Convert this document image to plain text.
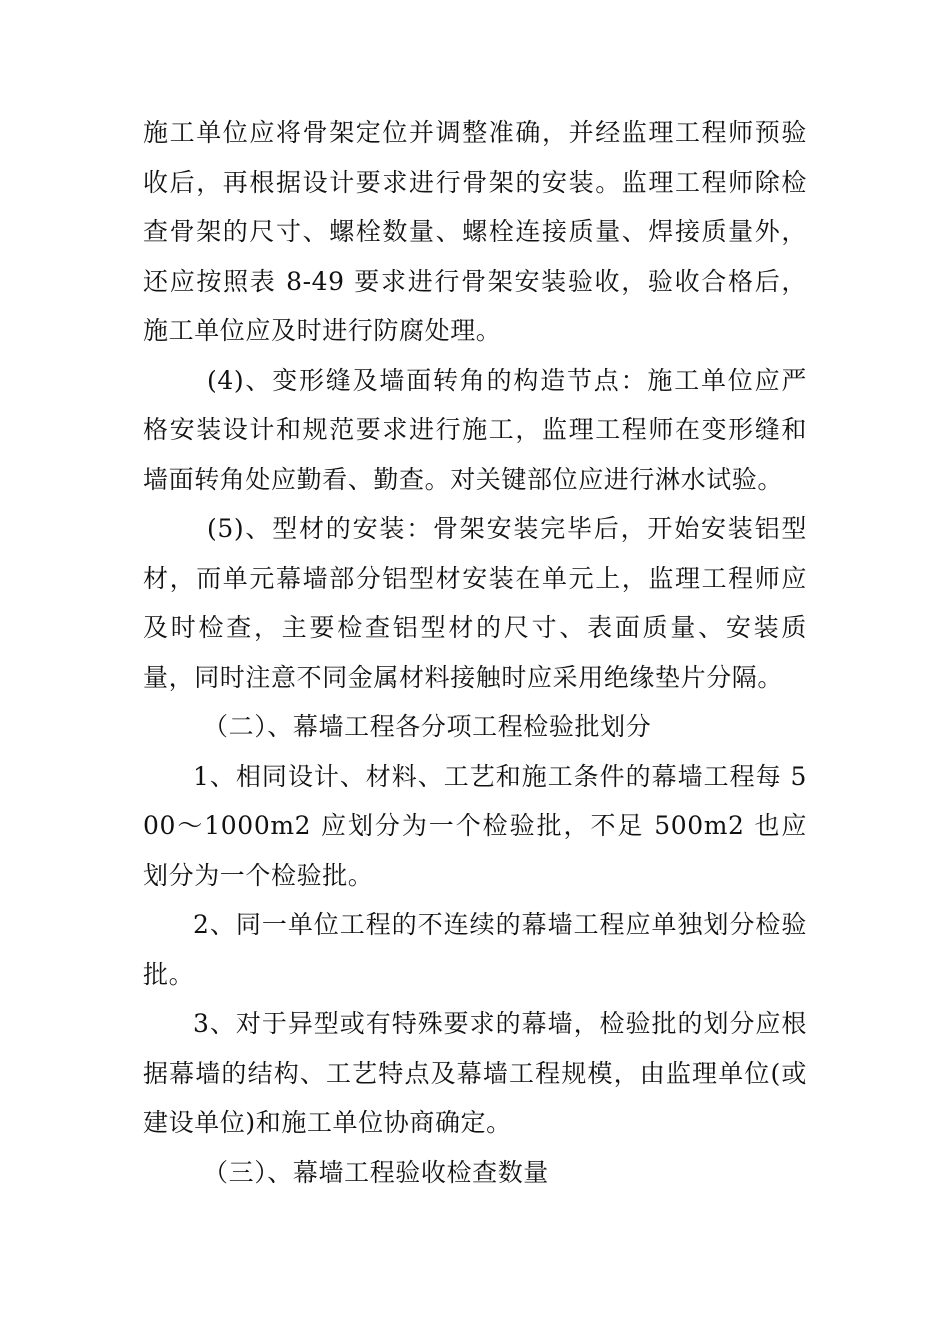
施工单位应将骨架定位并调整准确，并经监理工程师预验收后，再根据设计要求进行骨架的安装。监理工程师除检查骨架的尺寸、螺栓数量、螺栓连接质量、焊接质量外，还应按照表 8-49 要求进行骨架安装验收，验收合格后，施工单位应及时进行防腐处理。

(4)、变形缝及墙面转角的构造节点：施工单位应严格安装设计和规范要求进行施工，监理工程师在变形缝和墙面转角处应勤看、勤查。对关键部位应进行淋水试验。

(5)、型材的安装：骨架安装完毕后，开始安装铝型材，而单元幕墙部分铝型材安装在单元上，监理工程师应及时检查，主要检查铝型材的尺寸、表面质量、安装质量，同时注意不同金属材料接触时应采用绝缘垫片分隔。

（二）、幕墙工程各分项工程检验批划分

1、相同设计、材料、工艺和施工条件的幕墙工程每 500～1000m2 应划分为一个检验批，不足 500m2 也应划分为一个检验批。

2、同一单位工程的不连续的幕墙工程应单独划分检验批。

3、对于异型或有特殊要求的幕墙，检验批的划分应根据幕墙的结构、工艺特点及幕墙工程规模，由监理单位(或建设单位)和施工单位协商确定。

（三）、幕墙工程验收检查数量
